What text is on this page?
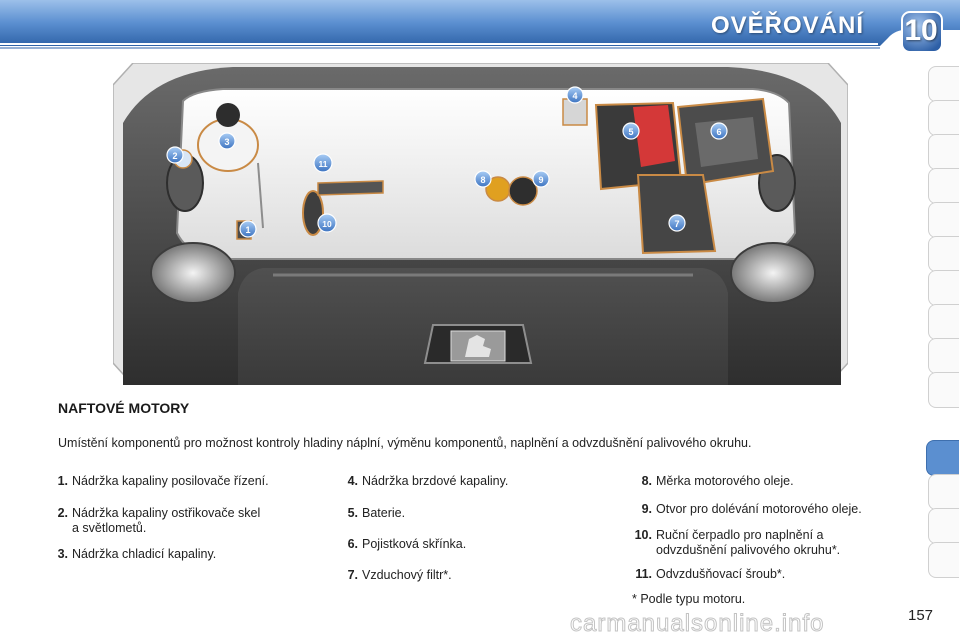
OVĚŘOVÁNÍ 10
1
2
3
4
5	6
7
8	9
10
11
NAFTOVÉ MOTORY
Umístění komponentů pro možnost kontroly hladiny náplní, výměnu komponentů, naplnění a odvzdušnění palivového okruhu.
1. Nádržka kapaliny posilovače řízení.
2. Nádržka kapaliny ostřikovače skel
a světlometů.
3. Nádržka chladicí kapaliny.
4. Nádržka brzdové kapaliny.
5. Baterie.
6. Pojistková skřínka.
7. Vzduchový filtr*.
8. Měrka motorového oleje.
9. Otvor pro dolévání motorového oleje.
10. Ruční čerpadlo pro naplnění a
odvzdušnění palivového okruhu*.
11. Odvzdušňovací šroub*.
* Podle typu motoru.
carmanualsonline.info	157
